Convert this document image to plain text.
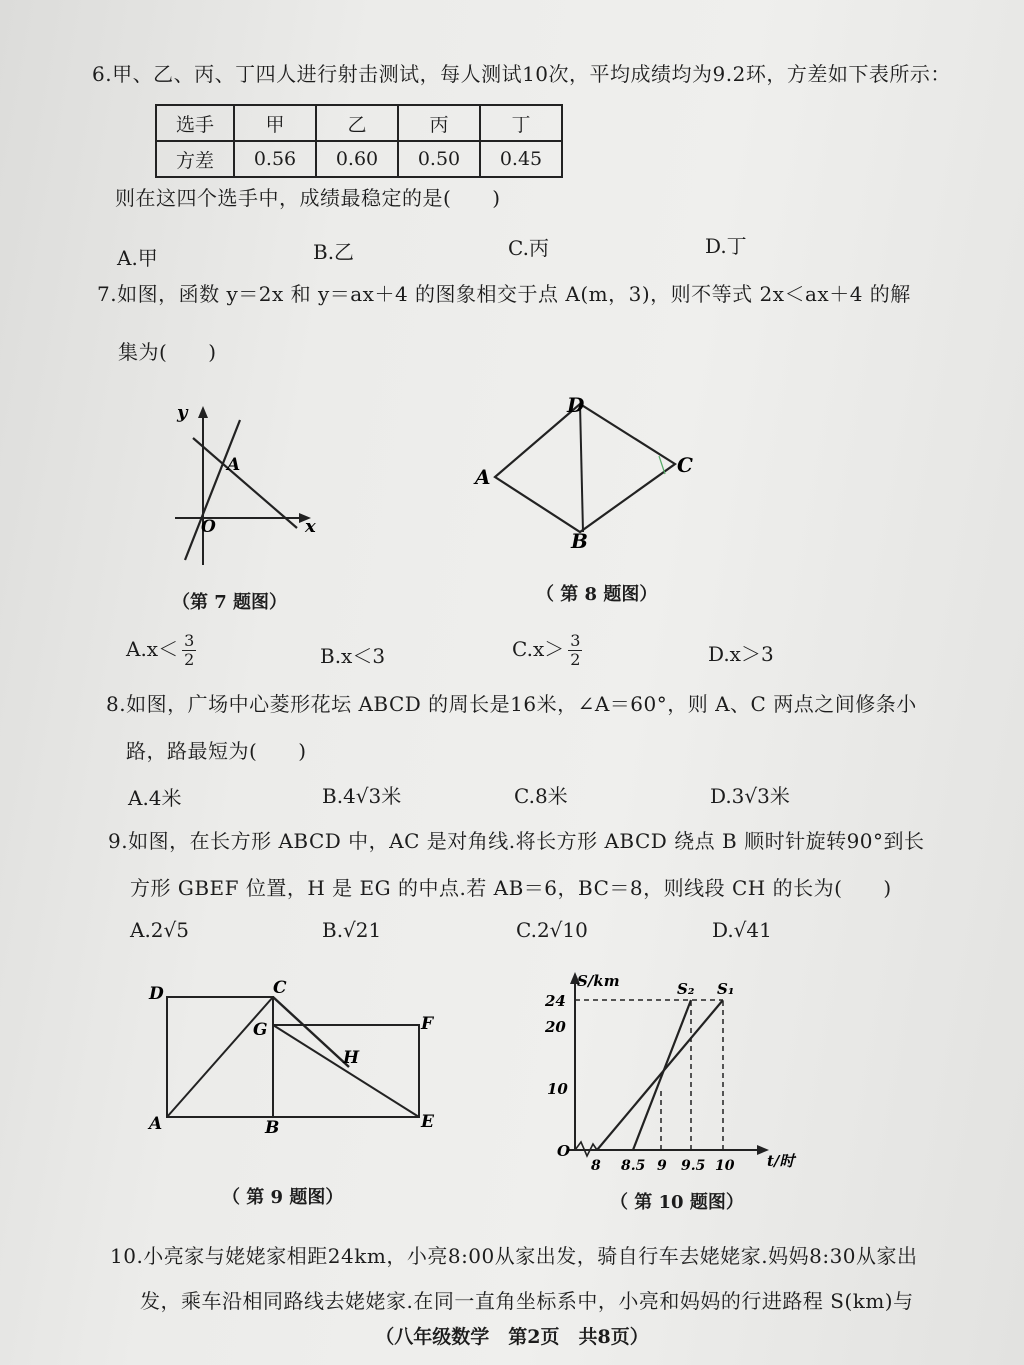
6.甲、乙、丙、丁四人进行射击测试，每人测试10次，平均成绩均为9.2环，方差如下表所示：
选手	甲	乙	丙	丁
方差	0.56	0.60	0.50	0.45
则在这四个选手中，成绩最稳定的是(　　)
A.甲	B.乙	C.丙	D.丁
7.如图，函数 y＝2x 和 y＝ax＋4 的图象相交于点 A(m，3)，则不等式 2x＜ax＋4 的解
集为(　　)
y
x
O
A
（第 7 题图）
D
A	C
B
（ 第 8 题图）
$A.x< \frac{3}{2}$	B.x＜3	$C.x> \frac{3}{2}$	D.x＞3
8.如图，广场中心菱形花坛 ABCD 的周长是16米，∠A＝60°，则 A、C 两点之间修条小
路，路最短为(　　)
A.4米	B.4√3米	C.8米	D.3√3米
9.如图，在长方形 ABCD 中，AC 是对角线.将长方形 ABCD 绕点 B 顺时针旋转90°到长
方形 GBEF 位置，H 是 EG 的中点.若 AB＝6，BC＝8，则线段 CH 的长为(　　)
A.2√5	B.√21	C.2√10	D.√41
D	C
G	F
H
A	B	E
（ 第 9 题图）
S/km	S₂ S₁
24
20
10
O
8 8.5 9 9.5 10 t/时
（ 第 10 题图）
10.小亮家与姥姥家相距24km，小亮8:00从家出发，骑自行车去姥姥家.妈妈8:30从家出
发，乘车沿相同路线去姥姥家.在同一直角坐标系中，小亮和妈妈的行进路程 S(km)与
（八年级数学　第2页　共8页）
